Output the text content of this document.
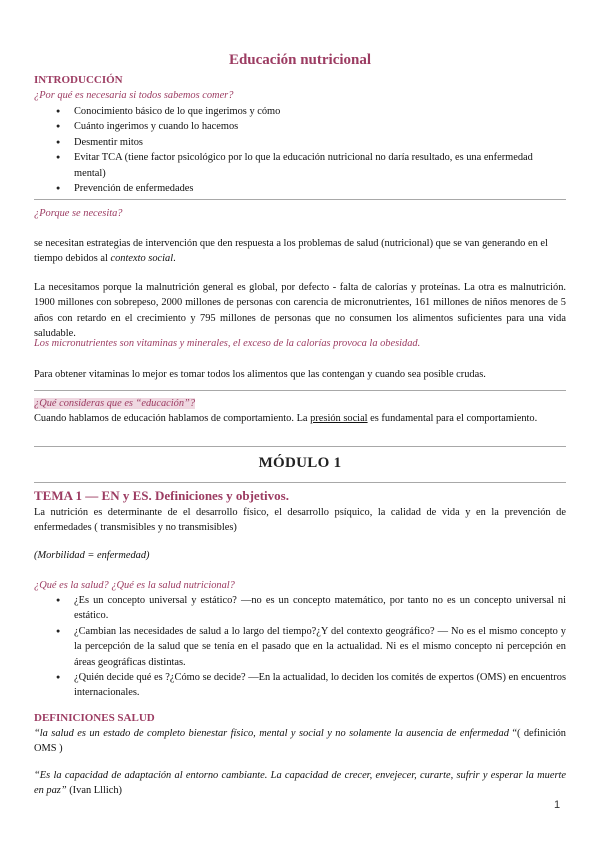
Educación nutricional
INTRODUCCIÓN
¿Por qué es necesaria si todos sabemos comer?
● Conocimiento básico de lo que ingerimos y cómo
● Cuánto ingerimos y cuando lo hacemos
● Desmentir mitos
● Evitar TCA (tiene factor psicológico por lo que la educación nutricional no daría resultado, es una enfermedad mental)
● Prevención de enfermedades
¿Porque se necesita?
se necesitan estrategias de intervención que den respuesta a los problemas de salud (nutricional) que se van generando en el tiempo debidos al contexto social.
La necesitamos porque la malnutrición general es global, por defecto - falta de calorías y proteínas. La otra es malnutrición. 1900 millones con sobrepeso, 2000 millones de personas con carencia de micronutrientes, 161 millones de niños menores de 5 años con retardo en el crecimiento y 795 millones de personas que no consumen los alimentos suficientes para una vida saludable.
Los micronutrientes son vitaminas y minerales, el exceso de la calorías provoca la obesidad.
Para obtener vitaminas lo mejor es tomar todos los alimentos que las contengan y cuando sea posible crudas.
¿Qué consideras que es “educación”?
Cuando hablamos de educación hablamos de comportamiento. La presión social es fundamental para el comportamiento.
MÓDULO 1
TEMA 1 — EN y ES. Definiciones y objetivos.
La nutrición es determinante de el desarrollo físico, el desarrollo psíquico, la calidad de vida y en la prevención de enfermedades ( transmisibles y no transmisibles)
(Morbilidad = enfermedad)
¿Qué es la salud? ¿Qué es la salud nutricional?
● ¿Es un concepto universal y estático? —no es un concepto matemático, por tanto no es un concepto universal ni estático.
● ¿Cambian las necesidades de salud a lo largo del tiempo?¿Y del contexto geográfico? — No es el mismo concepto y la percepción de la salud que se tenía en el pasado que en la actualidad. Ni es el mismo concepto ni percepción en áreas geográficas distintas.
● ¿Quién decide qué es ?¿Cómo se decide? —En la actualidad, lo deciden los comités de expertos (OMS) en encuentros internacionales.
DEFINICIONES SALUD
“la salud es un estado de completo bienestar físico, mental y social y no solamente la ausencia de enfermedad “( definición OMS )
“Es la capacidad de adaptación al entorno cambiante. La capacidad de crecer, envejecer, curarte, sufrir y esperar la muerte en paz” (Ivan Lllich)
1
